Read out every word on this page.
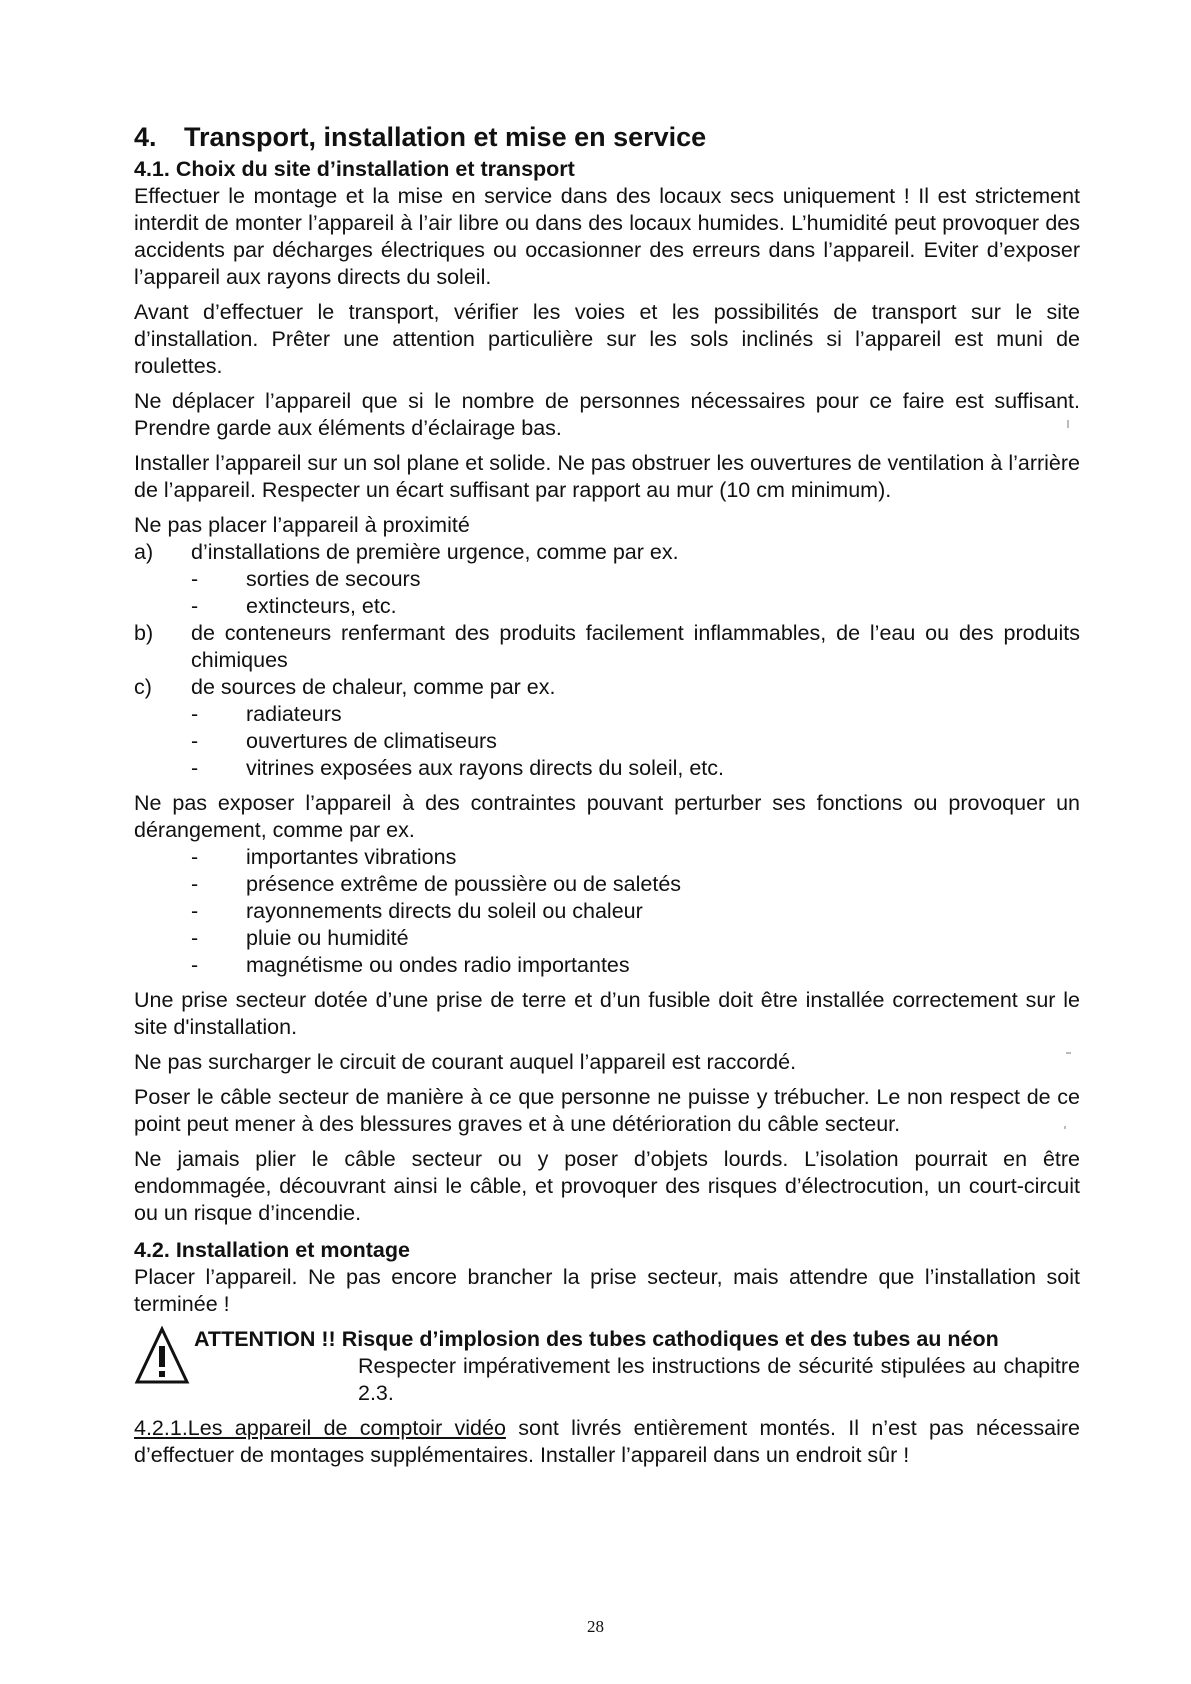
4. Transport, installation et mise en service
4.1. Choix du site d’installation et transport

Effectuer le montage et la mise en service dans des locaux secs uniquement ! Il est strictement interdit de monter l’appareil à l’air libre ou dans des locaux humides. L’humidité peut provoquer des accidents par décharges électriques ou occasionner des erreurs dans l’appareil. Eviter d’exposer l’appareil aux rayons directs du soleil.

Avant d’effectuer le transport, vérifier les voies et les possibilités de transport sur le site d’installation. Prêter une attention particulière sur les sols inclinés si l’appareil est muni de roulettes.

Ne déplacer l’appareil que si le nombre de personnes nécessaires pour ce faire est suffisant. Prendre garde aux éléments d’éclairage bas.

Installer l’appareil sur un sol plane et solide. Ne pas obstruer les ouvertures de ventilation à l’arrière de l’appareil. Respecter un écart suffisant par rapport au mur (10 cm minimum).

Ne pas placer l’appareil à proximité

a)	d’installations de première urgence, comme par ex.
-	sorties de secours
-	extincteurs, etc.
b)	de conteneurs renfermant des produits facilement inflammables, de l’eau ou des produits chimiques
c)	de sources de chaleur, comme par ex.
-	radiateurs
-	ouvertures de climatiseurs
-	vitrines exposées aux rayons directs du soleil, etc.

Ne pas exposer l’appareil à des contraintes pouvant perturber ses fonctions ou provoquer un dérangement, comme par ex.

-	importantes vibrations
-	présence extrême de poussière ou de saletés
-	rayonnements directs du soleil ou chaleur
-	pluie ou humidité
-	magnétisme ou ondes radio importantes

Une prise secteur dotée d’une prise de terre et d’un fusible doit être installée correctement sur le site d'installation.

Ne pas surcharger le circuit de courant auquel l’appareil est raccordé.

Poser le câble secteur de manière à ce que personne ne puisse y trébucher. Le non respect de ce point peut mener à des blessures graves et à une détérioration du câble secteur.

Ne jamais plier le câble secteur ou y poser d’objets lourds. L’isolation pourrait en être endommagée, découvrant ainsi le câble, et provoquer des risques d’électrocution, un court-circuit ou un risque d’incendie.

4.2. Installation et montage

Placer l’appareil. Ne pas encore brancher la prise secteur, mais attendre que l’installation soit terminée !

ATTENTION !! Risque d’implosion des tubes cathodiques et des tubes au néon
Respecter impérativement les instructions de sécurité stipulées au chapitre 2.3.

4.2.1.Les appareil de comptoir vidéo sont livrés entièrement montés. Il n’est pas nécessaire d’effectuer de montages supplémentaires. Installer l’appareil dans un endroit sûr !

28
